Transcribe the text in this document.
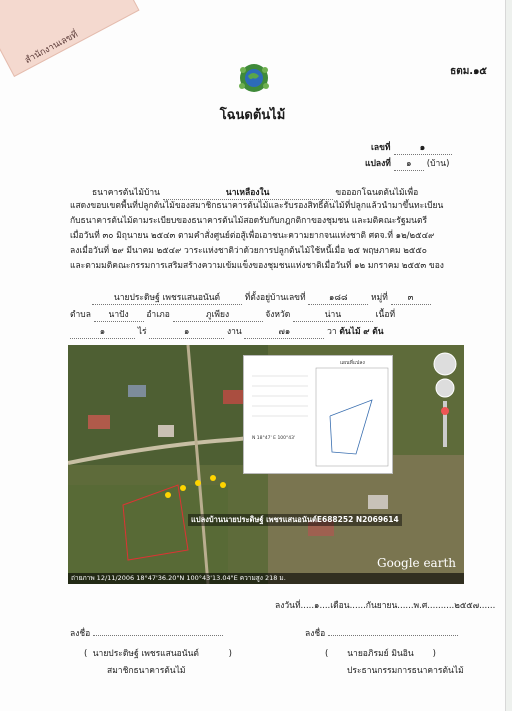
สำนักงานเลขที่
ธตม.๑๕
โฉนดต้นไม้
เลขที่	๑
แปลงที่ ๑ (บ้าน)
ธนาคารต้นไม้บ้าน	นาเหลืองใน	ขอออกโฉนดต้นไม้เพื่อ
แสดงขอบเขตพื้นที่ปลูกต้นไม้ของสมาชิกธนาคารต้นไม้และรับรองสิทธิ์ต้นไม้ที่ปลูกแล้วนำมาขึ้นทะเบียน
กับธนาคารต้นไม้ตามระเบียบของธนาคารต้นไม้สอดรับกับกฎกติกาของชุมชน และมติคณะรัฐมนตรี
เมื่อวันที่ ๓๐ มิถุนายน ๒๕๔๓ ตามคำสั่งศูนย์ต่อสู้เพื่อเอาชนะความยากจนแห่งชาติ ศตจ.ที่ ๑๒/๒๕๔๙
ลงเมื่อวันที่ ๒๙ มีนาคม ๒๕๔๙ วาระแห่งชาติว่าด้วยการปลูกต้นไม้ใช้หนี้เมื่อ ๒๕ พฤษภาคม ๒๕๕๐
และตามมติคณะกรรมการเสริมสร้างความเข้มแข็งของชุมชนแห่งชาติเมื่อวันที่ ๑๒ มกราคม ๒๕๕๓ ของ
นายประดิษฐ์ เพชรแสนอนันต์	ที่ตั้งอยู่บ้านเลขที่	๑๘๘	หมู่ที่ ๓
ตำบล นาปัง อำเภอ	ภูเพียง	จังหวัด	น่าน	เนื้อที่
๑	ไร่	๑	งาน	๗๑	วา ต้นไม้ ๙ ต้น
แผนที่แปลง
N 18°47' E 100°43'
แปลงบ้านนายประดิษฐ์ เพชรแสนอนันต์E688252 N2069614
Google earth
ถ่ายภาพ 12/11/2006 18°47'36.20"N 100°43'13.04"E ความสูง 218 ม.
ลงวันที่.....๑....เดือน......กันยายน......พ.ศ..........๒๕๕๗......
ลงชื่อ	ลงชื่อ
(  นายประดิษฐ์ เพชรแสนอนันต์           )	(       นายอภิรมย์ มินอิน       )
สมาชิกธนาคารต้นไม้	ประธานกรรมการธนาคารต้นไม้
